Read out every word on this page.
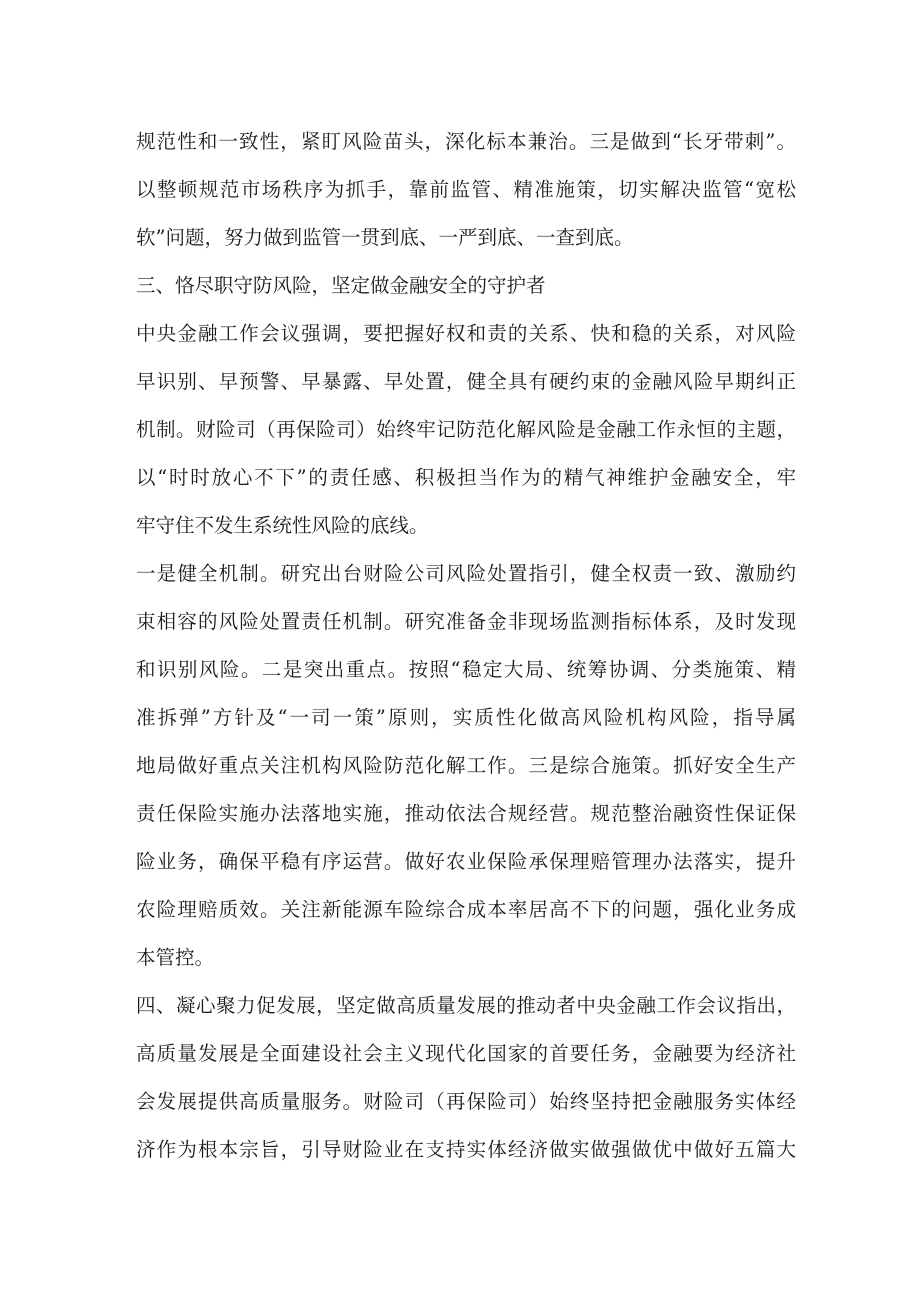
规范性和一致性，紧盯风险苗头，深化标本兼治。三是做到“长牙带刺”。
以整顿规范市场秩序为抓手，靠前监管、精准施策，切实解决监管“宽松
软”问题，努力做到监管一贯到底、一严到底、一查到底。
三、恪尽职守防风险，坚定做金融安全的守护者
中央金融工作会议强调，要把握好权和责的关系、快和稳的关系，对风险
早识别、早预警、早暴露、早处置，健全具有硬约束的金融风险早期纠正
机制。财险司（再保险司）始终牢记防范化解风险是金融工作永恒的主题，
以“时时放心不下”的责任感、积极担当作为的精气神维护金融安全，牢
牢守住不发生系统性风险的底线。
一是健全机制。研究出台财险公司风险处置指引，健全权责一致、激励约
束相容的风险处置责任机制。研究准备金非现场监测指标体系，及时发现
和识别风险。二是突出重点。按照“稳定大局、统筹协调、分类施策、精
准拆弹”方针及“一司一策”原则，实质性化做高风险机构风险，指导属
地局做好重点关注机构风险防范化解工作。三是综合施策。抓好安全生产
责任保险实施办法落地实施，推动依法合规经营。规范整治融资性保证保
险业务，确保平稳有序运营。做好农业保险承保理赔管理办法落实，提升
农险理赔质效。关注新能源车险综合成本率居高不下的问题，强化业务成
本管控。
四、凝心聚力促发展，坚定做高质量发展的推动者中央金融工作会议指出，
高质量发展是全面建设社会主义现代化国家的首要任务，金融要为经济社
会发展提供高质量服务。财险司（再保险司）始终坚持把金融服务实体经
济作为根本宗旨，引导财险业在支持实体经济做实做强做优中做好五篇大
